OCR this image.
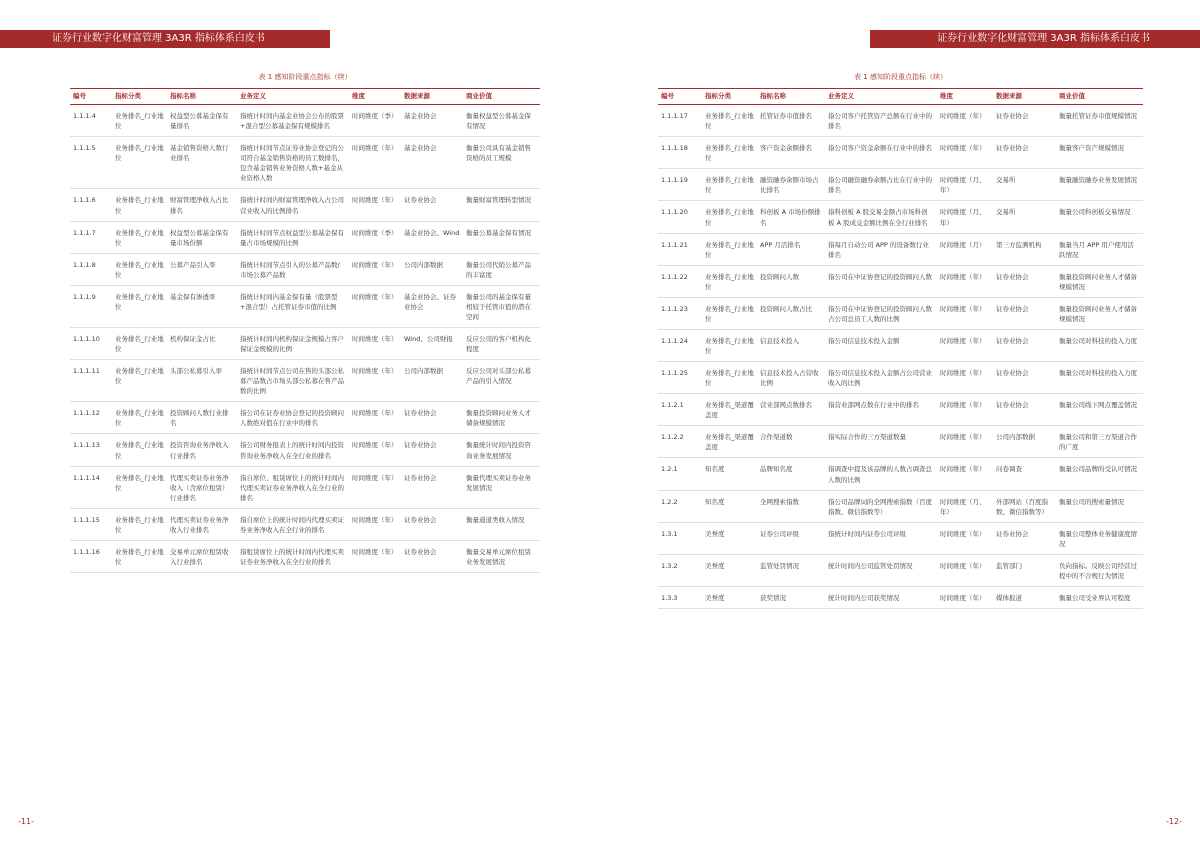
证券行业数字化财富管理 3A3R 指标体系白皮书
表 1 感知阶段重点指标（续）
编号	指标分类	指标名称	业务定义	维度	数据来源	商业价值
1.1.1.4	业务排名_行业地位	权益型公募基金保有量排名	指统计时间内基金业协会公布的股票+混合型公募基金保有规模排名	时间维度（季）	基金业协会	衡量权益型公募基金保有情况
1.1.1.5	业务排名_行业地位	基金销售资格人数行业排名	指统计时间节点证券业协会登记的公司符合基金销售资格的员工数排名，包含基金销售业务资格人数+基金从业资格人数	时间维度（年）	基金业协会	衡量公司具有基金销售资格的员工规模
1.1.1.6	业务排名_行业地位	财富管理净收入占比排名	指统计时间内财富管理净收入占公司营业收入的比例排名	时间维度（年）	证券业协会	衡量财富管理转型情况
1.1.1.7	业务排名_行业地位	权益型公募基金保有量市场份额	指统计时间节点权益型公募基金保有量占市场规模的比例	时间维度（季）	基金业协会、Wind	衡量公募基金保有情况
1.1.1.8	业务排名_行业地位	公募产品引入率	指统计时间节点引入的公募产品数/市场公募产品数	时间维度（年）	公司内部数据	衡量公司代销公募产品的丰富度
1.1.1.9	业务排名_行业地位	基金保有渗透率	指统计时间内基金保有量（股票型+混合型）占托管证券市值的比例	时间维度（年）	基金业协会、证券业协会	衡量公司的基金保有量相较于托管市值的潜在空间
1.1.1.10	业务排名_行业地位	机构保证金占比	指统计时间内机构保证金规模占客户保证金规模的比例	时间维度（年）	Wind、公司财报	反应公司的客户机构化程度
1.1.1.11	业务排名_行业地位	头部公私募引入率	指统计时间节点公司在售的头部公私募产品数占市场头部公私募在售产品数的比例	时间维度（年）	公司内部数据	反应公司对头部公私募产品的引入情况
1.1.1.12	业务排名_行业地位	投资顾问人数行业排名	指公司在证券业协会登记的投资顾问人数绝对值在行业中的排名	时间维度（年）	证券业协会	衡量投资顾问业务人才储备规模情况
1.1.1.13	业务排名_行业地位	投资咨询业务净收入行业排名	指公司财务报表上的统计时间内投资咨询业务净收入在全行业的排名	时间维度（年）	证券业协会	衡量统计时间内投资咨询业务发展情况
1.1.1.14	业务排名_行业地位	代理买卖证券业务净收入（含席位租赁）行业排名	指自席位、租赁席位上的统计时间内代理买卖证券业务净收入在全行业的排名	时间维度（年）	证券业协会	衡量代理买卖证券业务发展情况
1.1.1.15	业务排名_行业地位	代理买卖证券业务净收入行业排名	指自席位上的统计时间内代理买卖证券业务净收入在全行业的排名	时间维度（年）	证券业协会	衡量通道类收入情况
1.1.1.16	业务排名_行业地位	交易单元席位租赁收入行业排名	指租赁席位上的统计时间内代理买卖证券业务净收入在全行业的排名	时间维度（年）	证券业协会	衡量交易单元席位租赁业务发展情况
-11-
证券行业数字化财富管理 3A3R 指标体系白皮书
表 1 感知阶段重点指标（续）
编号	指标分类	指标名称	业务定义	维度	数据来源	商业价值
1.1.1.17	业务排名_行业地位	托管证券市值排名	指公司客户托管资产总额在行业中的排名	时间维度（年）	证券业协会	衡量托管证券市值规模情况
1.1.1.18	业务排名_行业地位	客户资金余额排名	指公司客户资金余额在行业中的排名	时间维度（年）	证券业协会	衡量客户资产规模情况
1.1.1.19	业务排名_行业地位	融资融券余额市场占比排名	指公司融资融券余额占比在行业中的排名	时间维度（月、年）	交易所	衡量融资融券业务发展情况
1.1.1.20	业务排名_行业地位	科创板 A 市场份额排名	指科创板 A 股交易金额占市场科创板 A 股成交金额比例在全行业排名	时间维度（月、年）	交易所	衡量公司科创板交易情况
1.1.1.21	业务排名_行业地位	APP 月活排名	指每月自动公司 APP 的设备数行业排名	时间维度（月）	第三方监测机构	衡量当月 APP 用户使用活跃情况
1.1.1.22	业务排名_行业地位	投资顾问人数	指公司在中证协登记的投资顾问人数	时间维度（年）	证券业协会	衡量投资顾问业务人才储备规模情况
1.1.1.23	业务排名_行业地位	投资顾问人数占比	指公司在中证协登记的投资顾问人数占公司总员工人数的比例	时间维度（年）	证券业协会	衡量投资顾问业务人才储备规模情况
1.1.1.24	业务排名_行业地位	信息技术投入	指公司信息技术投入金额	时间维度（年）	证券业协会	衡量公司对科技的投入力度
1.1.1.25	业务排名_行业地位	信息技术投入占营收比例	指公司信息技术投入金额占公司营业收入的比例	时间维度（年）	证券业协会	衡量公司对科技的投入力度
1.1.2.1	业务排名_渠道覆盖度	营业部网点数排名	指营业部网点数在行业中的排名	时间维度（年）	证券业协会	衡量公司线下网点覆盖情况
1.1.2.2	业务排名_渠道覆盖度	合作渠道数	指实际合作的三方渠道数量	时间维度（年）	公司内部数据	衡量公司和第三方渠道合作的广度
1.2.1	知名度	品牌知名度	指调查中提及该品牌的人数占调查总人数的比例	时间维度（年）	问卷调查	衡量公司品牌的受认可情况
1.2.2	知名度	全网搜索指数	指公司品牌词的全网搜索指数（百度指数、微信指数等）	时间维度（月、年）	外部网站（百度指数、微信指数等）	衡量公司的搜索量情况
1.3.1	美誉度	证券公司评级	指统计时间内证券公司评级	时间维度（年）	证券业协会	衡量公司整体业务健康度情况
1.3.2	美誉度	监管处罚情况	统计时间内公司监管处罚情况	时间维度（年）	监管部门	负向指标。反映公司经营过程中的不合规行为情况
1.3.3	美誉度	获奖情况	统计时间内公司获奖情况	时间维度（年）	媒体报道	衡量公司受业界认可程度
-12-
